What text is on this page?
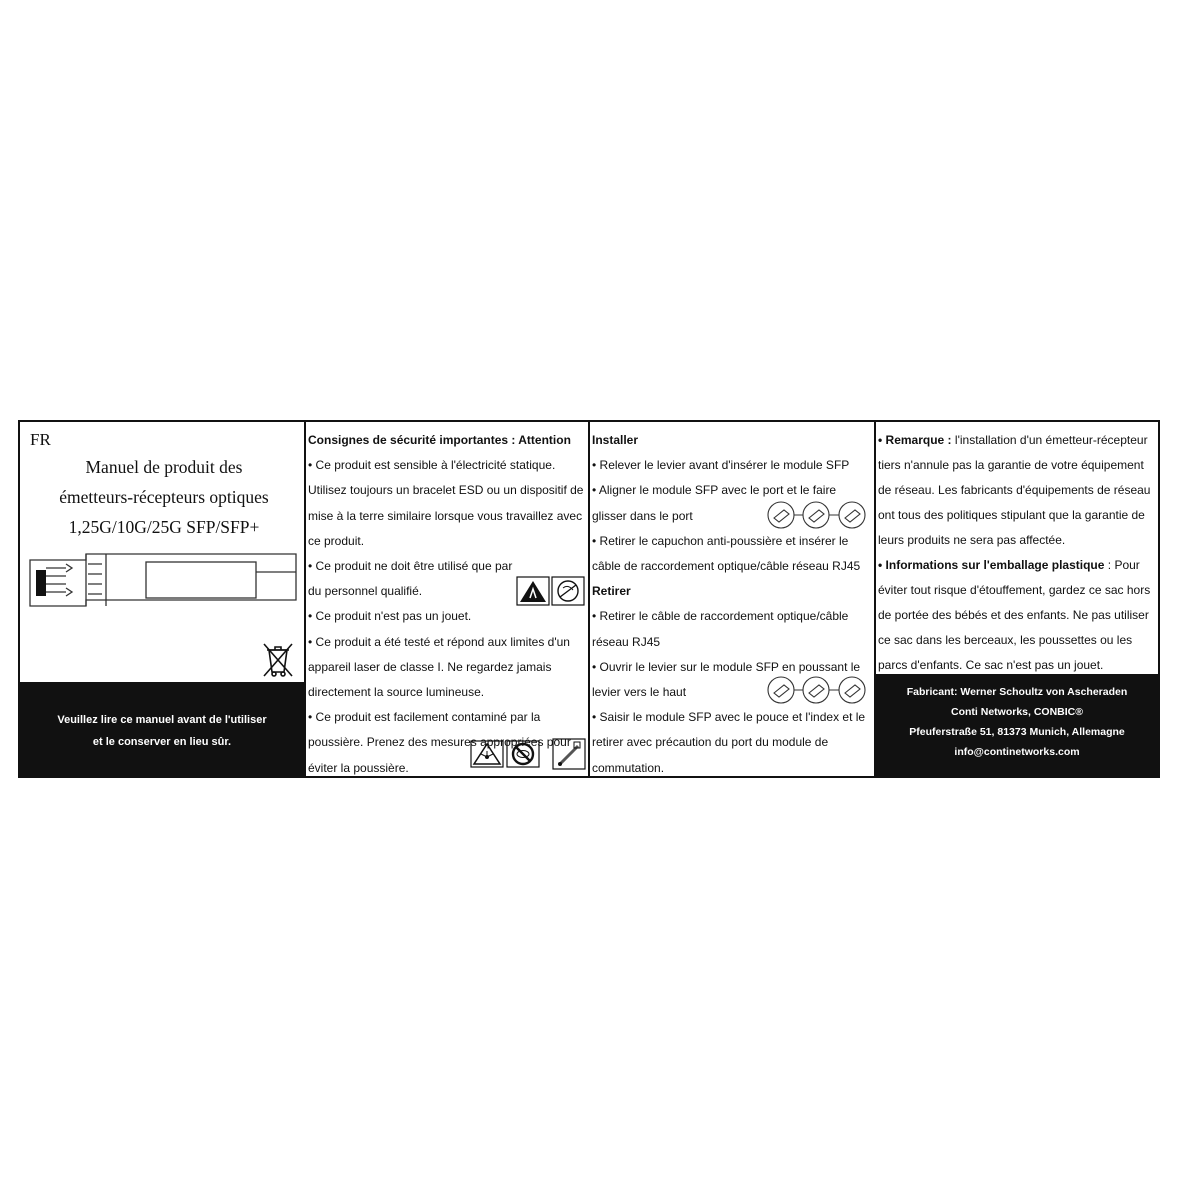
FR
Manuel de produit des
émetteurs-récepteurs optiques
1,25G/10G/25G SFP/SFP+
Veuillez lire ce manuel avant de l'utiliser
et le conserver en lieu sûr.

Consignes de sécurité importantes : Attention

• Ce produit est sensible à l'électricité statique. Utilisez toujours un bracelet ESD ou un dispositif de mise à la terre similaire lorsque vous travaillez avec ce produit.

• Ce produit ne doit être utilisé que par du personnel qualifié.

• Ce produit n'est pas un jouet.

• Ce produit a été testé et répond aux limites d'un appareil laser de classe I. Ne regardez jamais directement la source lumineuse.

• Ce produit est facilement contaminé par la poussière. Prenez des mesures appropriées pour éviter la poussière.

Installer

• Relever le levier avant d'insérer le module SFP

• Aligner le module SFP avec le port et le faire glisser dans le port

• Retirer le capuchon anti-poussière et insérer le câble de raccordement optique/câble réseau RJ45

Retirer

• Retirer le câble de raccordement optique/câble réseau RJ45

• Ouvrir le levier sur le module SFP en poussant le levier vers le haut

• Saisir le module SFP avec le pouce et l'index et le retirer avec précaution du port du module de commutation.

• Remarque : l'installation d'un émetteur-récepteur tiers n'annule pas la garantie de votre équipement de réseau. Les fabricants d'équipements de réseau ont tous des politiques stipulant que la garantie de leurs produits ne sera pas affectée.

• Informations sur l'emballage plastique : Pour éviter tout risque d'étouffement, gardez ce sac hors de portée des bébés et des enfants. Ne pas utiliser ce sac dans les berceaux, les poussettes ou les parcs d'enfants. Ce sac n'est pas un jouet.

Fabricant: Werner Schoultz von Ascheraden
Conti Networks, CONBIC®
Pfeuferstraße 51, 81373 Munich, Allemagne
info@continetworks.com
